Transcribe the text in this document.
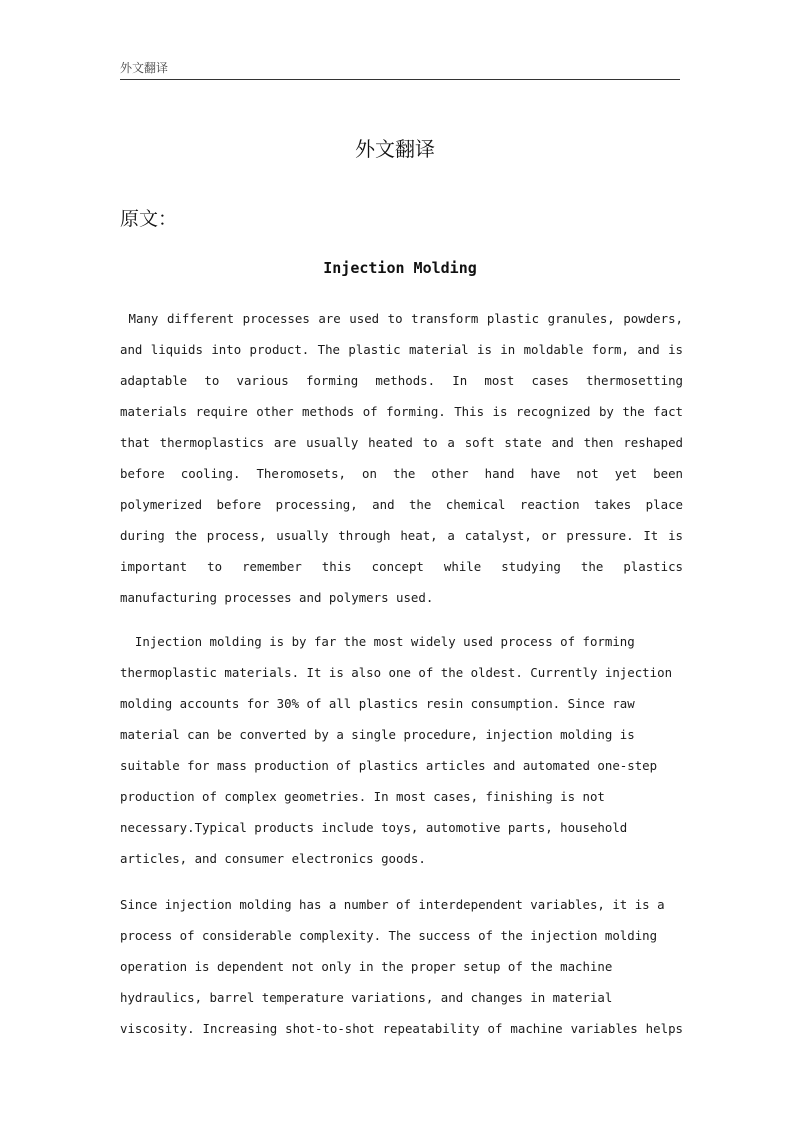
外文翻译
外文翻译
原文：
Injection Molding
Many different processes are used to transform plastic granules, powders,
and liquids into product. The plastic material is in moldable form, and is
adaptable to various forming methods. In most cases thermosetting
materials require other methods of forming. This is recognized by the fact
that thermoplastics are usually heated to a soft state and then reshaped
before cooling. Theromosets, on the other hand have not yet been
polymerized before processing, and the chemical reaction takes place
during the process, usually through heat, a catalyst, or pressure. It is
important to remember this concept while studying the plastics
manufacturing processes and polymers used.
Injection molding is by far the most widely used process of forming
thermoplastic materials. It is also one of the oldest. Currently injection
molding accounts for 30% of all plastics resin consumption. Since raw
material can be converted by a single procedure, injection molding is
suitable for mass production of plastics articles and automated one-step
production of complex geometries. In most cases, finishing is not
necessary.Typical products include toys, automotive parts, household
articles, and consumer electronics goods.
Since injection molding has a number of interdependent variables, it is a
process of considerable complexity. The success of the injection molding
operation is dependent not only in the proper setup of the machine
hydraulics, barrel temperature variations, and changes in material
viscosity. Increasing shot-to-shot repeatability of machine variables helps
